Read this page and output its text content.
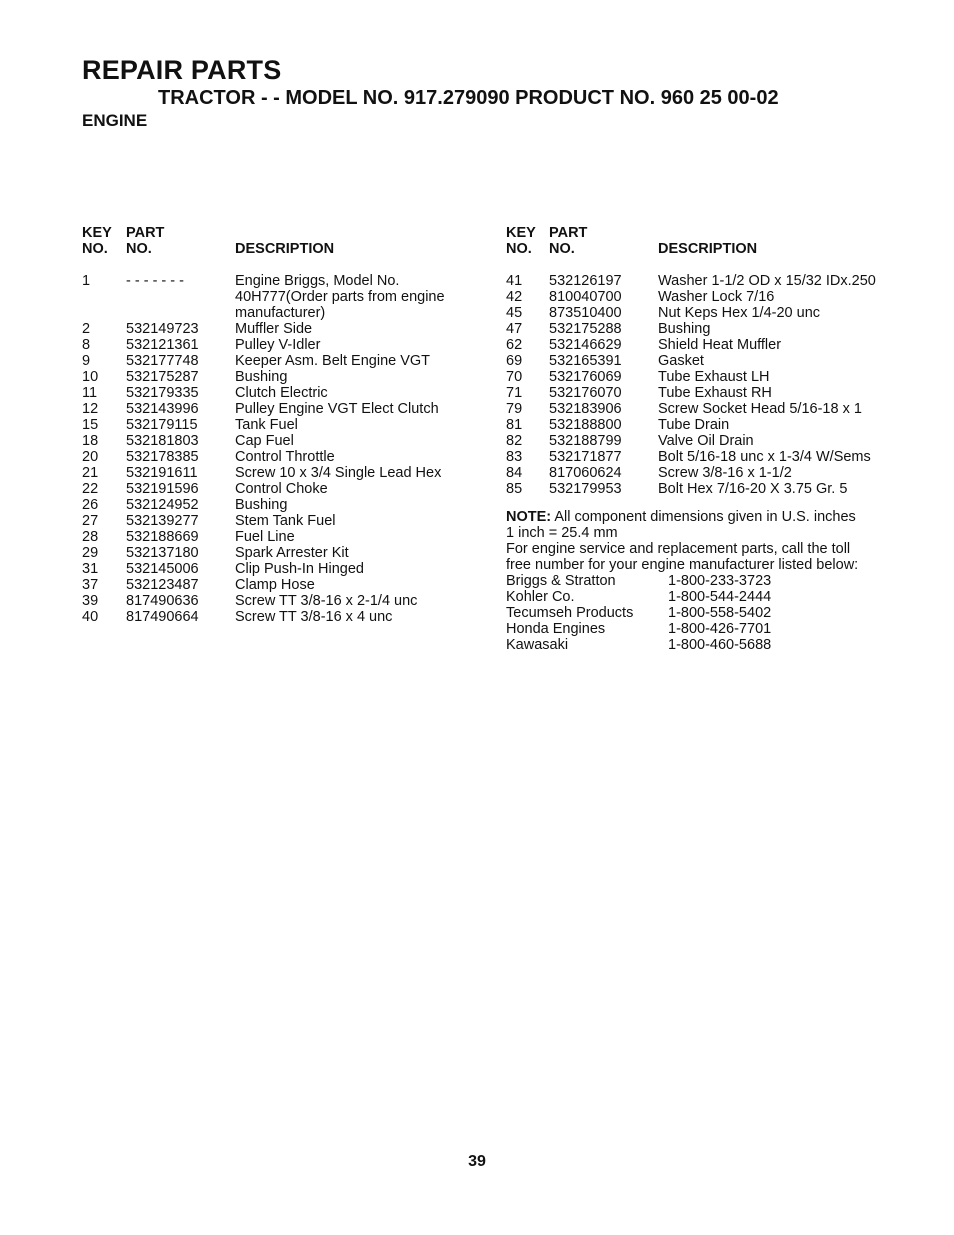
REPAIR PARTS
TRACTOR - - MODEL NO. 917.279090 PRODUCT NO. 960 25 00-02
ENGINE
KEY
NO.
PART
NO.	DESCRIPTION
1 - - - - - - -	Engine Briggs, Model No. 40H777(Order parts from engine manufacturer)
2 532149723	Muffler Side
8 532121361	Pulley V-Idler
9 532177748	Keeper Asm. Belt Engine VGT
10 532175287	Bushing
11 532179335	Clutch Electric
12 532143996	Pulley Engine VGT Elect Clutch
15 532179115	Tank Fuel
18 532181803	Cap Fuel
20 532178385	Control Throttle
21 532191611	Screw 10 x 3/4 Single Lead Hex
22 532191596	Control Choke
26 532124952	Bushing
27 532139277	Stem Tank Fuel
28 532188669	Fuel Line
29 532137180	Spark Arrester Kit
31 532145006	Clip Push-In Hinged
37 532123487	Clamp Hose
39 817490636	Screw TT 3/8-16 x 2-1/4 unc
40 817490664	Screw TT 3/8-16 x 4 unc
KEY
NO.
PART
NO.	DESCRIPTION
41 532126197	Washer 1-1/2 OD x 15/32 IDx.250
42 810040700	Washer Lock 7/16
45 873510400	Nut Keps Hex 1/4-20 unc
47 532175288	Bushing
62 532146629	Shield Heat Muffler
69 532165391	Gasket
70 532176069	Tube Exhaust LH
71 532176070	Tube Exhaust RH
79 532183906	Screw Socket Head 5/16-18 x 1
81 532188800	Tube Drain
82 532188799	Valve Oil Drain
83 532171877	Bolt 5/16-18 unc x 1-3/4 W/Sems
84 817060624	Screw 3/8-16 x 1-1/2
85 532179953	Bolt Hex 7/16-20 X 3.75 Gr. 5
NOTE: All component dimensions given in U.S. inches
1 inch = 25.4 mm
For engine service and replacement parts, call the toll
free number for your engine manufacturer listed below:
Briggs & Stratton	1-800-233-3723
Kohler Co.	1-800-544-2444
Tecumseh Products 1-800-558-5402
Honda Engines	1-800-426-7701
Kawasaki	1-800-460-5688
39
